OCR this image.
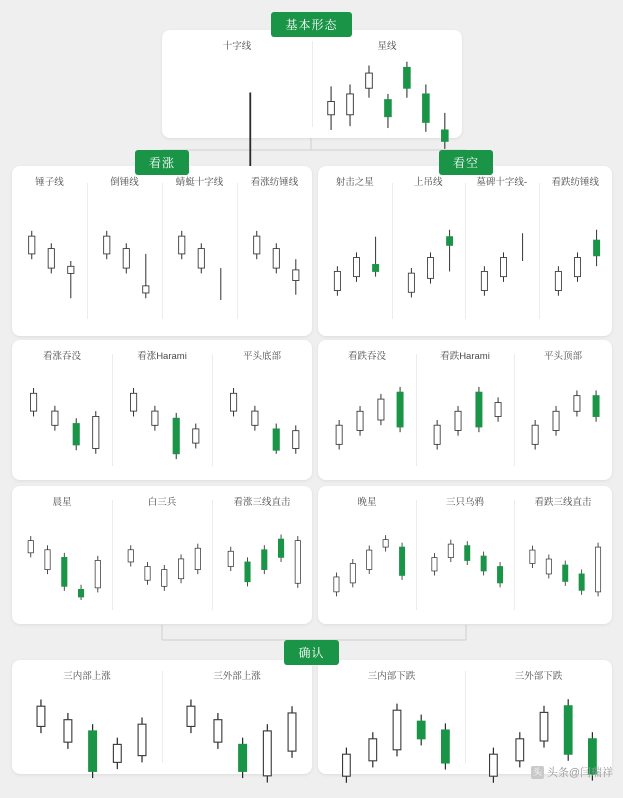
基本形态
十字线	星线
看涨	看空
锤子线	倒锤线	蜻蜓十字线	看涨纺锤线	射击之星	上吊线	墓碑十字线-	看跌纺锤线
看涨吞没	看涨Harami	平头底部	看跌吞没	看跌Harami	平头顶部
晨星	白三兵	看涨三线直击	晚星	三只乌鸦	看跌三线直击
确认
三内部上涨	三外部上涨	三内部下跌	三外部下跌
头 头条@闫瑞祥
